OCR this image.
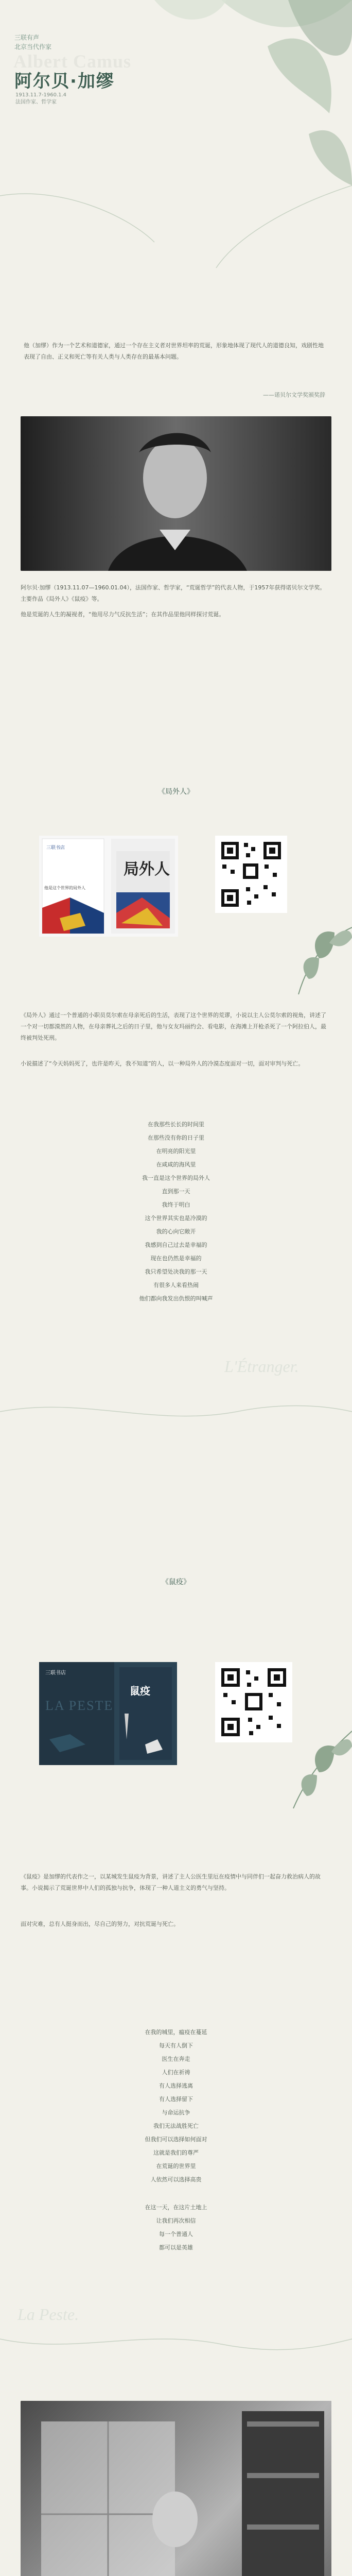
三联有声
北京当代作家
Albert Camus
阿尔贝·加缪
1913.11.7-1960.1.4
法国作家、哲学家
他（加缪）作为一个艺术和道德家，通过一个存在主义者对世界坦率的荒诞，形象地体现了现代人的道德良知，戏剧性地表现了自由、正义和死亡等有关人类与人类存在的最基本问题。
——诺贝尔文学奖颁奖辞
阿尔贝·加缪（1913.11.07—1960.01.04），法国作家、哲学家，“荒诞哲学”的代表人物，于1957年获得诺贝尔文学奖。主要作品《局外人》《鼠疫》等。
他是荒诞的人生的凝视者，“他用尽力气反抗生活”；在其作品里他同样探讨荒诞。
《局外人》
三联书店
局外人
他是这个世界的局外人
《局外人》通过一个普通的小职员莫尔索在母亲死后的生活，表现了这个世界的荒谬，小说以主人公莫尔索的视角，讲述了一个对一切都漠然的人物，在母亲葬礼之后的日子里，他与女友玛丽约会、看电影，在海滩上开枪杀死了一个阿拉伯人，最终被判处死刑。
小说描述了“今天妈妈死了，也许是昨天，我不知道”的人，以一种局外人的冷漠态度面对一切，面对审判与死亡。
在我那些长长的时间里
在那些没有你的日子里
在明亮的阳光里
在咸咸的海风里
我一直是这个世界的局外人
直到那一天
我终于明白
这个世界其实也是冷漠的
我的心向它敞开
我感到自己过去是幸福的
现在也仍然是幸福的
我只希望处决我的那一天
有很多人来看热闹
他们都向我发出仇恨的叫喊声
L'Étranger.
《鼠疫》
三联书店
LA PESTE
鼠疫
《鼠疫》是加缪的代表作之一，以某城发生鼠疫为背景，讲述了主人公医生里厄在疫情中与同伴们一起奋力救治病人的故事。小说揭示了荒诞世界中人们的孤独与抗争，体现了一种人道主义的勇气与坚持。
面对灾难，总有人挺身而出，尽自己的努力，对抗荒诞与死亡。
在我的城里，瘟疫在蔓延
每天有人倒下
医生在奔走
人们在祈祷
有人选择逃离
有人选择留下
与命运抗争
我们无法战胜死亡
但我们可以选择如何面对
这就是我们的尊严
在荒诞的世界里
人依然可以选择高贵
在这一天，在这片土地上
让我们再次相信
每一个普通人
都可以是英雄
La Peste.
